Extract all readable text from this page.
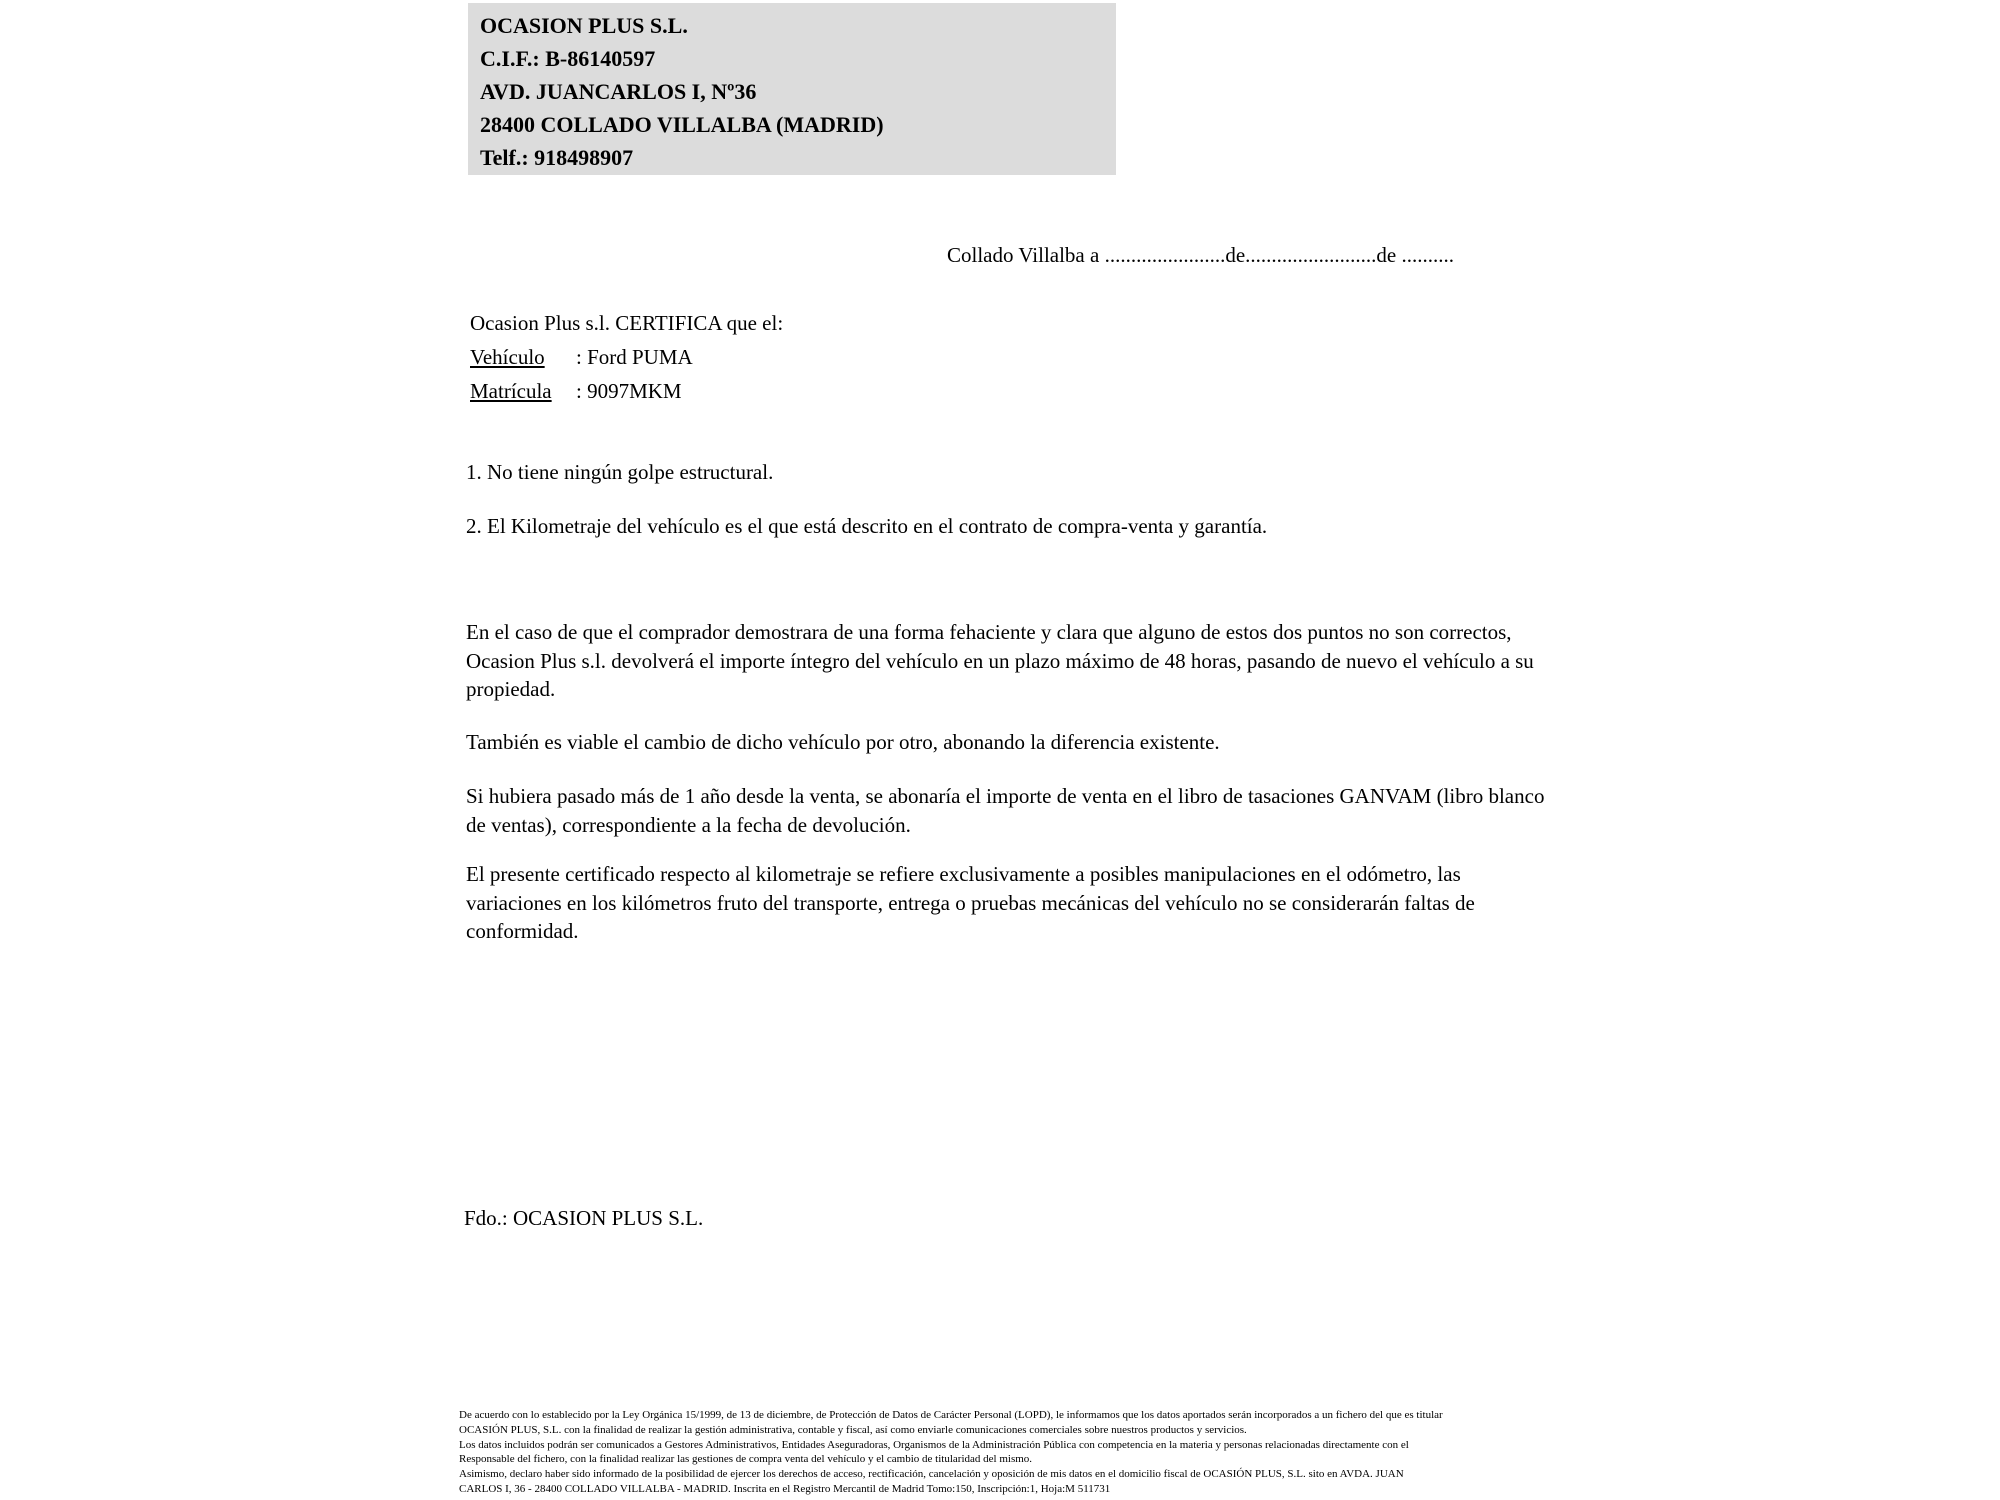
OCASION PLUS S.L.
C.I.F.: B-86140597
AVD. JUANCARLOS I, Nº36
28400 COLLADO VILLALBA (MADRID)
Telf.: 918498907
Collado Villalba a .......................de.........................de ..........
Ocasion Plus s.l. CERTIFICA que el:
Vehículo : Ford PUMA
Matrícula : 9097MKM
1. No tiene ningún golpe estructural.
2. El Kilometraje del vehículo es el que está descrito en el contrato de compra-venta y garantía.
En el caso de que el comprador demostrara de una forma fehaciente y clara que alguno de estos dos puntos no son correctos, Ocasion Plus s.l. devolverá el importe íntegro del vehículo en un plazo máximo de 48 horas, pasando de nuevo el vehículo a su propiedad.
También es viable el cambio de dicho vehículo por otro, abonando la diferencia existente.
Si hubiera pasado más de 1 año desde la venta, se abonaría el importe de venta en el libro de tasaciones GANVAM (libro blanco de ventas), correspondiente a la fecha de devolución.
El presente certificado respecto al kilometraje se refiere exclusivamente a posibles manipulaciones en el odómetro, las variaciones en los kilómetros fruto del transporte, entrega o pruebas mecánicas del vehículo no se considerarán faltas de conformidad.
Fdo.: OCASION PLUS S.L.
De acuerdo con lo establecido por la Ley Orgánica 15/1999, de 13 de diciembre, de Protección de Datos de Carácter Personal (LOPD), le informamos que los datos aportados serán incorporados a un fichero del que es titular
OCASIÓN PLUS, S.L. con la finalidad de realizar la gestión administrativa, contable y fiscal, así como enviarle comunicaciones comerciales sobre nuestros productos y servicios.
Los datos incluidos podrán ser comunicados a Gestores Administrativos, Entidades Aseguradoras, Organismos de la Administración Pública con competencia en la materia y personas relacionadas directamente con el
Responsable del fichero, con la finalidad realizar las gestiones de compra venta del vehículo y el cambio de titularidad del mismo.
Asimismo, declaro haber sido informado de la posibilidad de ejercer los derechos de acceso, rectificación, cancelación y oposición de mis datos en el domicilio fiscal de OCASIÓN PLUS, S.L. sito en AVDA. JUAN
CARLOS I, 36 - 28400 COLLADO VILLALBA - MADRID. Inscrita en el Registro Mercantil de Madrid Tomo:150, Inscripción:1, Hoja:M 511731
